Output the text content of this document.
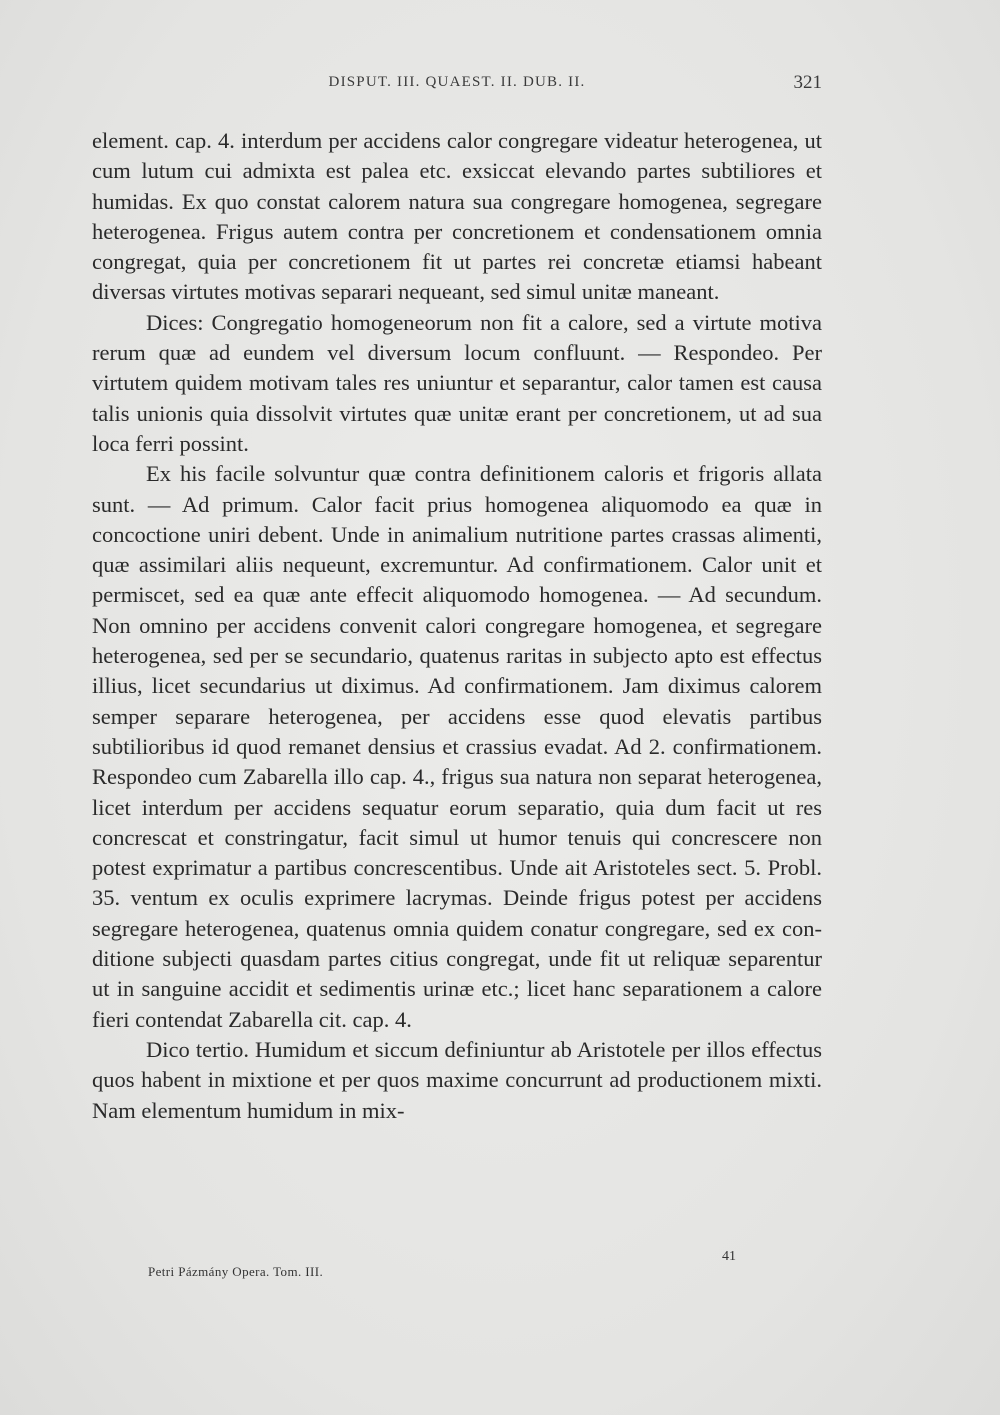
DISPUT. III. QUAEST. II. DUB. II.	321

element. cap. 4. interdum per accidens calor congregare videatur heterogenea, ut cum lutum cui admixta est palea etc. exsiccat elevando partes subtiliores et humidas. Ex quo constat calorem natura sua congregare homogenea, segregare heterogenea. Frigus autem contra per concretionem et condensationem omnia congregat, quia per concretionem fit ut partes rei concretæ etiamsi habeant diversas virtutes motivas separari nequeant, sed simul unitæ maneant.

Dices: Congregatio homogeneorum non fit a calore, sed a virtute motiva rerum quæ ad eundem vel diversum locum confluunt. — Respondeo. Per virtutem quidem motivam tales res uniuntur et separantur, calor tamen est causa talis unionis quia dissolvit virtutes quæ unitæ erant per concretionem, ut ad sua loca ferri possint.

Ex his facile solvuntur quæ contra definitionem caloris et frigoris allata sunt. — Ad primum. Calor facit prius homogenea aliquomodo ea quæ in concoctione uniri debent. Unde in animalium nutritione partes crassas alimenti, quæ assimilari aliis nequeunt, excremuntur. Ad confirmationem. Calor unit et permiscet, sed ea quæ ante effecit aliquomodo homogenea. — Ad secundum. Non omnino per accidens convenit calori congregare homogenea, et segregare heterogenea, sed per se secundario, quatenus raritas in subjecto apto est effectus illius, licet secundarius ut diximus. Ad confirmationem. Jam diximus calorem semper separare heterogenea, per accidens esse quod elevatis partibus subtilioribus id quod remanet densius et crassius evadat. Ad 2. confirmationem. Respondeo cum Zabarella illo cap. 4., frigus sua natura non separat heterogenea, licet interdum per accidens sequatur eorum separatio, quia dum facit ut res concrescat et constringatur, facit simul ut humor tenuis qui concrescere non potest exprimatur a partibus concrescentibus. Unde ait Aristoteles sect. 5. Probl. 35. ventum ex oculis exprimere lacrymas. Deinde frigus potest per accidens segregare heterogenea, quatenus omnia quidem conatur congregare, sed ex conditione subjecti quasdam partes citius congregat, unde fit ut reliquæ separentur ut in sanguine accidit et sedimentis urinæ etc.; licet hanc separationem a calore fieri contendat Zabarella cit. cap. 4.

Dico tertio. Humidum et siccum definiuntur ab Aristotele per illos effectus quos habent in mixtione et per quos maxime concurrunt ad productionem mixti. Nam elementum humidum in mix-

41
Petri Pázmány Opera. Tom. III.
